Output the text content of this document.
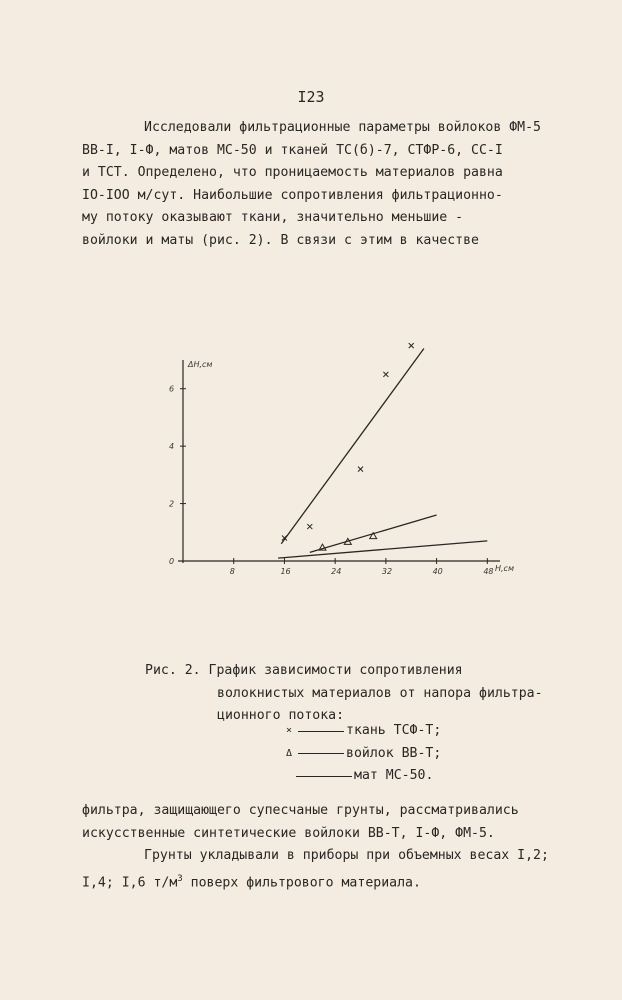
I23
Исследовали фильтрационные параметры войлоков ФМ-5
ВВ-I, I-Ф, матов МС-50 и тканей ТС(б)-7, СТФР-6, СС-I
и ТСТ. Определено, что проницаемость материалов равна
IO-IOO м/сут. Наибольшие сопротивления фильтрационно-
му потоку оказывают ткани, значительно меньшие -
войлоки и маты (рис. 2). В связи с этим в качестве
ΔH,см
H,см
8	16	24	32	40	48
0
2
4
6
Рис. 2. График зависимости сопротивления
волокнистых материалов от напора фильтра-
ционного потока:
×	ткань ТСФ-Т;
Δ	войлок ВВ-Т;
мат МС-50.
фильтра, защищающего супесчаные грунты, рассматривались
искусственные синтетические войлоки ВВ-Т, I-Ф, ФМ-5.
Грунты укладывали в приборы при объемных весах I,2;
I,4; I,6 $т/м^3$ поверх фильтрового материала.
